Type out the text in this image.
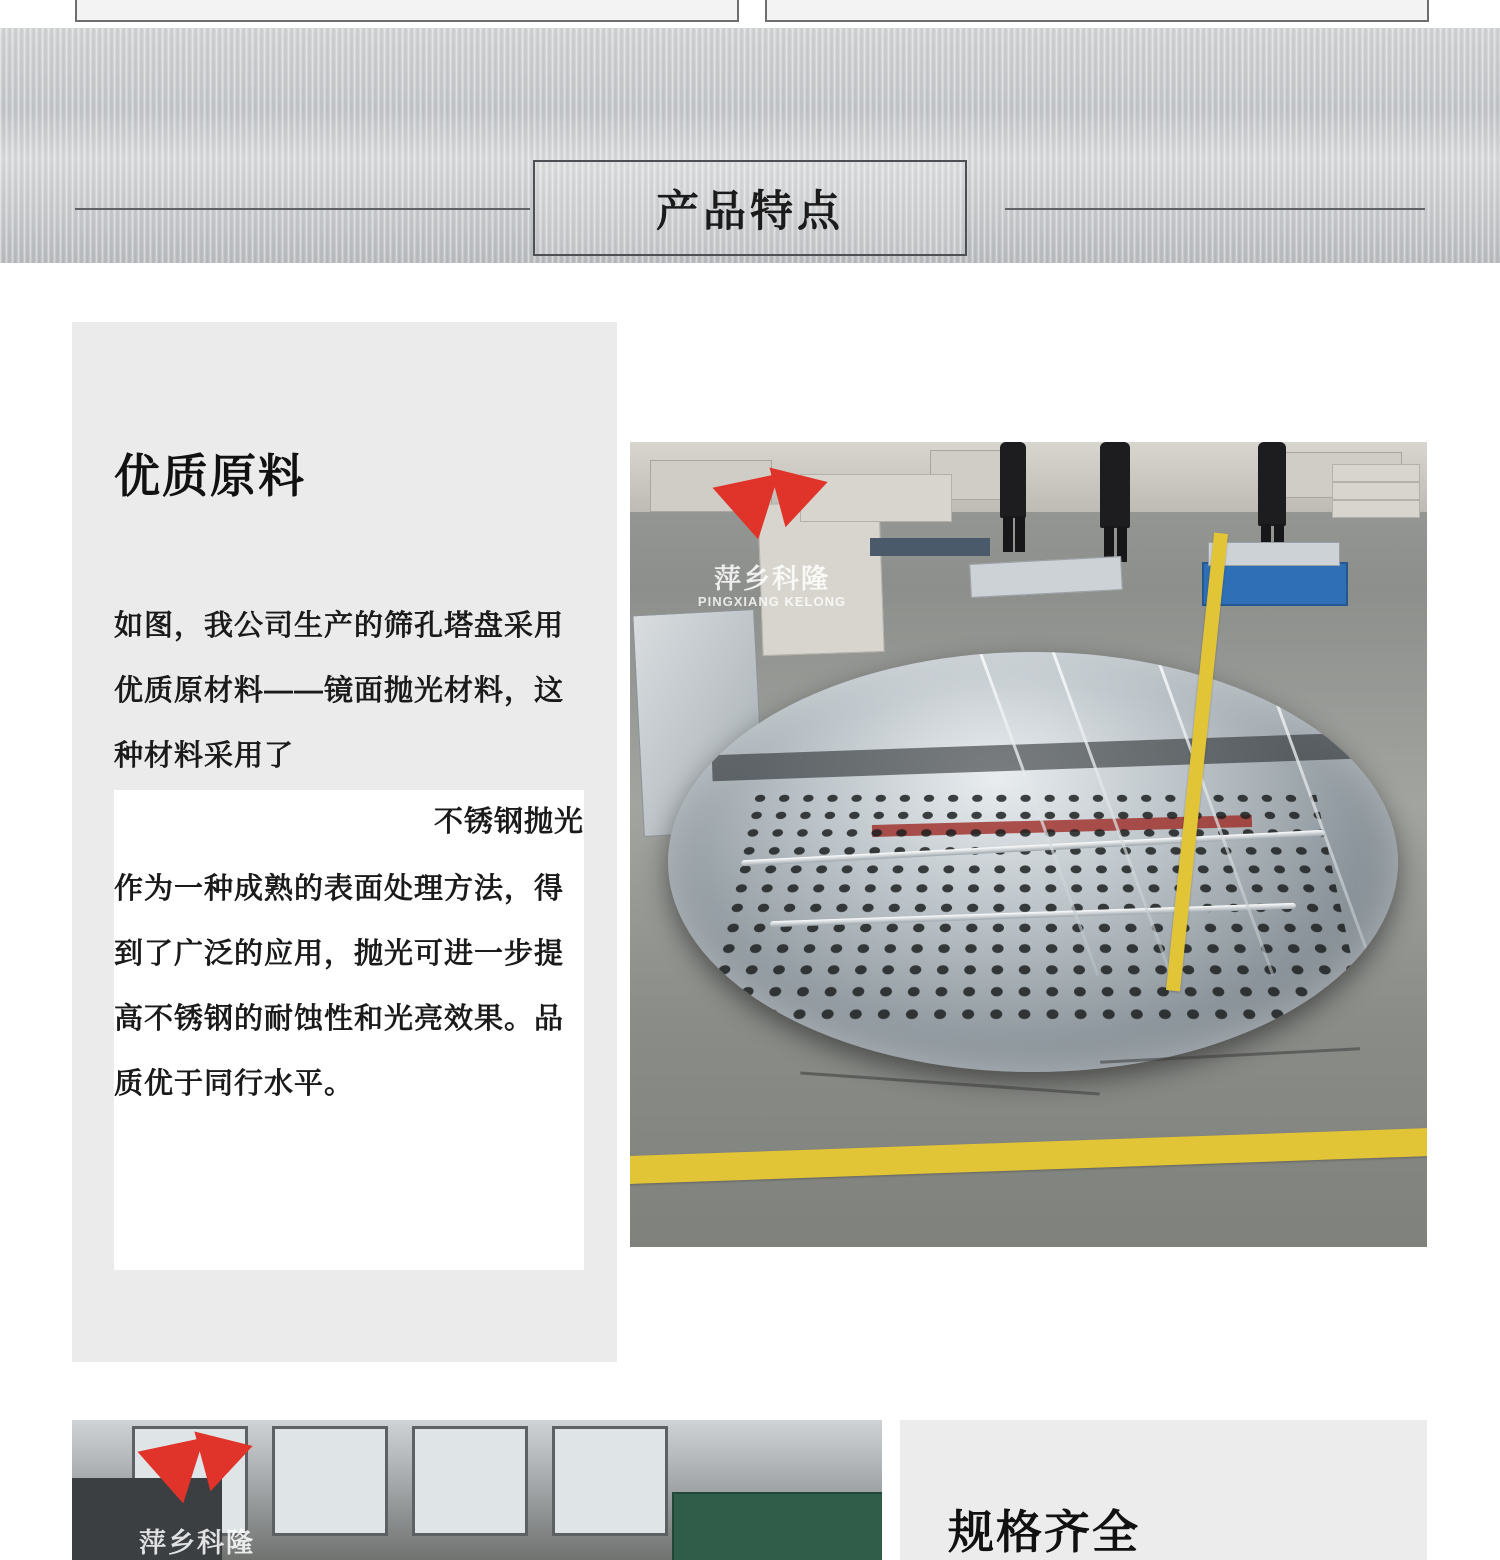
产品特点
优质原料
如图，我公司生产的筛孔塔盘采用优质原材料——镜面抛光材料，这种材料采用了
不锈钢抛光
作为一种成熟的表面处理方法，得到了广泛的应用，抛光可进一步提高不锈钢的耐蚀性和光亮效果。品质优于同行水平。
萍乡科隆
PINGXIANG KELONG
萍乡科隆	规格齐全
